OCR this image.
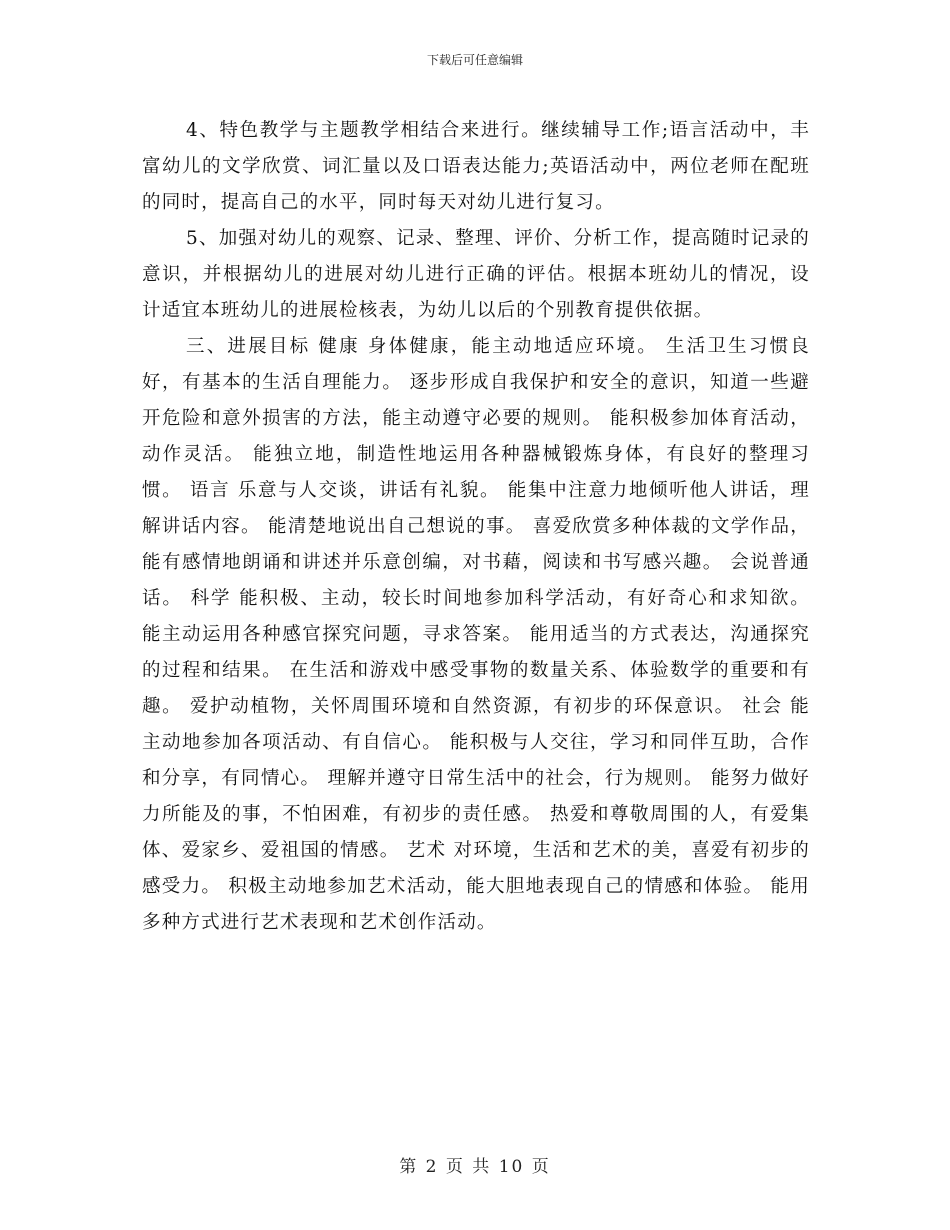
下载后可任意编辑

4、特色教学与主题教学相结合来进行。继续辅导工作;语言活动中，丰富幼儿的文学欣赏、词汇量以及口语表达能力;英语活动中，两位老师在配班的同时，提高自己的水平，同时每天对幼儿进行复习。

5、加强对幼儿的观察、记录、整理、评价、分析工作，提高随时记录的意识，并根据幼儿的进展对幼儿进行正确的评估。根据本班幼儿的情况，设计适宜本班幼儿的进展检核表，为幼儿以后的个别教育提供依据。

三、进展目标 健康 身体健康，能主动地适应环境。 生活卫生习惯良好，有基本的生活自理能力。 逐步形成自我保护和安全的意识，知道一些避开危险和意外损害的方法，能主动遵守必要的规则。 能积极参加体育活动，动作灵活。 能独立地，制造性地运用各种器械锻炼身体，有良好的整理习惯。 语言 乐意与人交谈，讲话有礼貌。 能集中注意力地倾听他人讲话，理解讲话内容。 能清楚地说出自己想说的事。 喜爱欣赏多种体裁的文学作品，能有感情地朗诵和讲述并乐意创编，对书藉，阅读和书写感兴趣。 会说普通话。 科学 能积极、主动，较长时间地参加科学活动，有好奇心和求知欲。 能主动运用各种感官探究问题，寻求答案。 能用适当的方式表达，沟通探究的过程和结果。 在生活和游戏中感受事物的数量关系、体验数学的重要和有趣。 爱护动植物，关怀周围环境和自然资源，有初步的环保意识。 社会 能主动地参加各项活动、有自信心。 能积极与人交往，学习和同伴互助，合作和分享，有同情心。 理解并遵守日常生活中的社会，行为规则。 能努力做好力所能及的事，不怕困难，有初步的责任感。 热爱和尊敬周围的人，有爱集体、爱家乡、爱祖国的情感。 艺术 对环境，生活和艺术的美，喜爱有初步的感受力。 积极主动地参加艺术活动，能大胆地表现自己的情感和体验。 能用多种方式进行艺术表现和艺术创作活动。

第 2 页 共 10 页
